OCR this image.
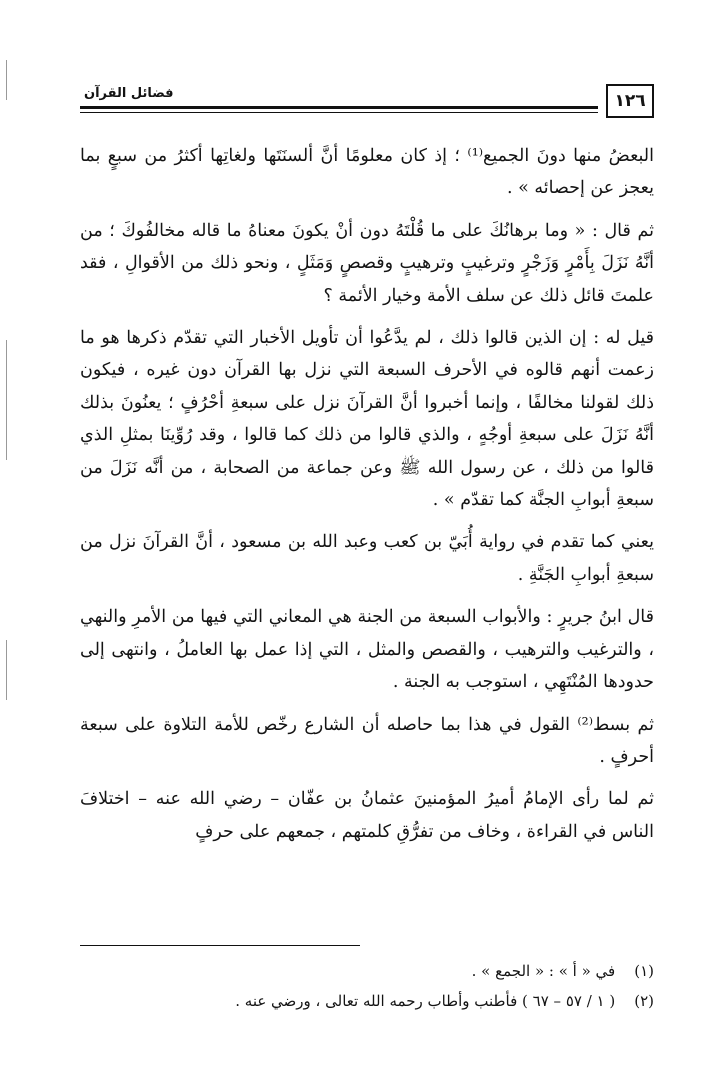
١٢٦
فضائل القرآن

البعضُ منها دونَ الجميع⁽¹⁾ ؛ إذ كان معلومًا أنَّ ألسنَتَها ولغاتِها أكثرُ من سبعٍ بما يعجز عن إحصائه » .

ثم قال : « وما برهانُكَ على ما قُلْتَهُ دون أنْ يكونَ معناهُ ما قاله مخالفُوكَ ؛ من أنَّهُ نَزَلَ بِأَمْرٍ وَزَجْرٍ وترغيبٍ وترهيبٍ وقصصٍ وَمَثَلٍ ، ونحو ذلك من الأقوالِ ، فقد علمتَ قائل ذلك عن سلف الأمة وخيار الأئمة ؟

قيل له : إن الذين قالوا ذلك ، لم يدَّعُوا أن تأويل الأخبار التي تقدّم ذكرها هو ما زعمت أنهم قالوه في الأحرف السبعة التي نزل بها القرآن دون غيره ، فيكون ذلك لقولنا مخالفًا ، وإنما أخبروا أنَّ القرآنَ نزل على سبعةِ أحْرُفٍ ؛ يعنُونَ بذلك أنَّهُ نَزَلَ على سبعةِ أوجُهٍ ، والذي قالوا من ذلك كما قالوا ، وقد رُوِّينَا بمثلِ الذي قالوا من ذلك ، عن رسول الله ﷺ وعن جماعة من الصحابة ، من أنَّه نَزَلَ من سبعةِ أبوابِ الجنَّة كما تقدّم » .

يعني كما تقدم في رواية أُبَيّ بن كعب وعبد الله بن مسعود ، أنَّ القرآنَ نزل من سبعةِ أبوابِ الجَنَّةِ .

قال ابنُ جريرٍ : والأبواب السبعة من الجنة هي المعاني التي فيها من الأمرِ والنهي ، والترغيب والترهيب ، والقصص والمثل ، التي إذا عمل بها العاملُ ، وانتهى إلى حدودها المُنْتَهِي ، استوجب به الجنة .

ثم بسط⁽²⁾ القول في هذا بما حاصله أن الشارع رخّص للأمة التلاوة على سبعة أحرفٍ .

ثم لما رأى الإمامُ أميرُ المؤمنينَ عثمانُ بن عفّان – رضي الله عنه – اختلافَ الناس في القراءة ، وخاف من تفرُّقِ كلمتهم ، جمعهم على حرفٍ

(١) في « أ » : « الجمع » .

(٢) ( ١ / ٥٧ – ٦٧ ) فأطنب وأطاب رحمه الله تعالى ، ورضي عنه .
